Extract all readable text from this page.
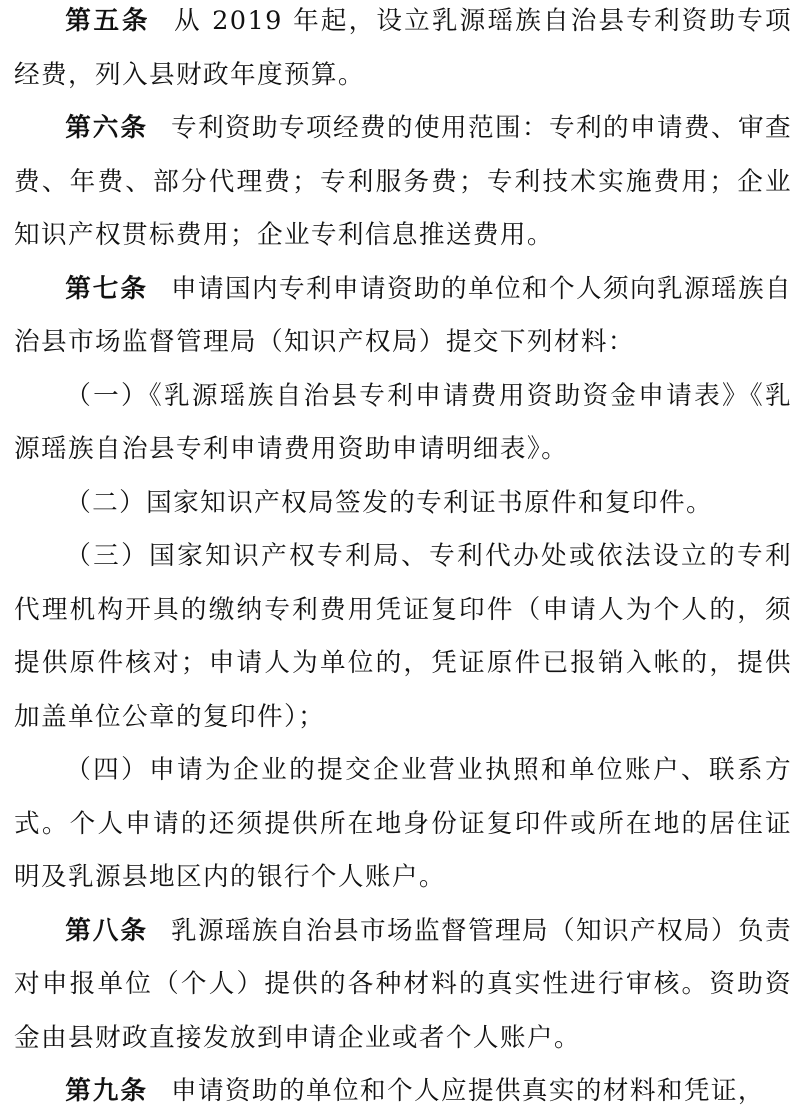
第五条 从 2019 年起，设立乳源瑶族自治县专利资助专项经费，列入县财政年度预算。

第六条 专利资助专项经费的使用范围：专利的申请费、审查费、年费、部分代理费；专利服务费；专利技术实施费用；企业知识产权贯标费用；企业专利信息推送费用。

第七条 申请国内专利申请资助的单位和个人须向乳源瑶族自治县市场监督管理局（知识产权局）提交下列材料：

（一）《乳源瑶族自治县专利申请费用资助资金申请表》《乳源瑶族自治县专利申请费用资助申请明细表》。

（二）国家知识产权局签发的专利证书原件和复印件。

（三）国家知识产权专利局、专利代办处或依法设立的专利代理机构开具的缴纳专利费用凭证复印件（申请人为个人的，须提供原件核对；申请人为单位的，凭证原件已报销入帐的，提供加盖单位公章的复印件）；

（四）申请为企业的提交企业营业执照和单位账户、联系方式。个人申请的还须提供所在地身份证复印件或所在地的居住证明及乳源县地区内的银行个人账户。

第八条 乳源瑶族自治县市场监督管理局（知识产权局）负责对申报单位（个人）提供的各种材料的真实性进行审核。资助资金由县财政直接发放到申请企业或者个人账户。

第九条 申请资助的单位和个人应提供真实的材料和凭证，
